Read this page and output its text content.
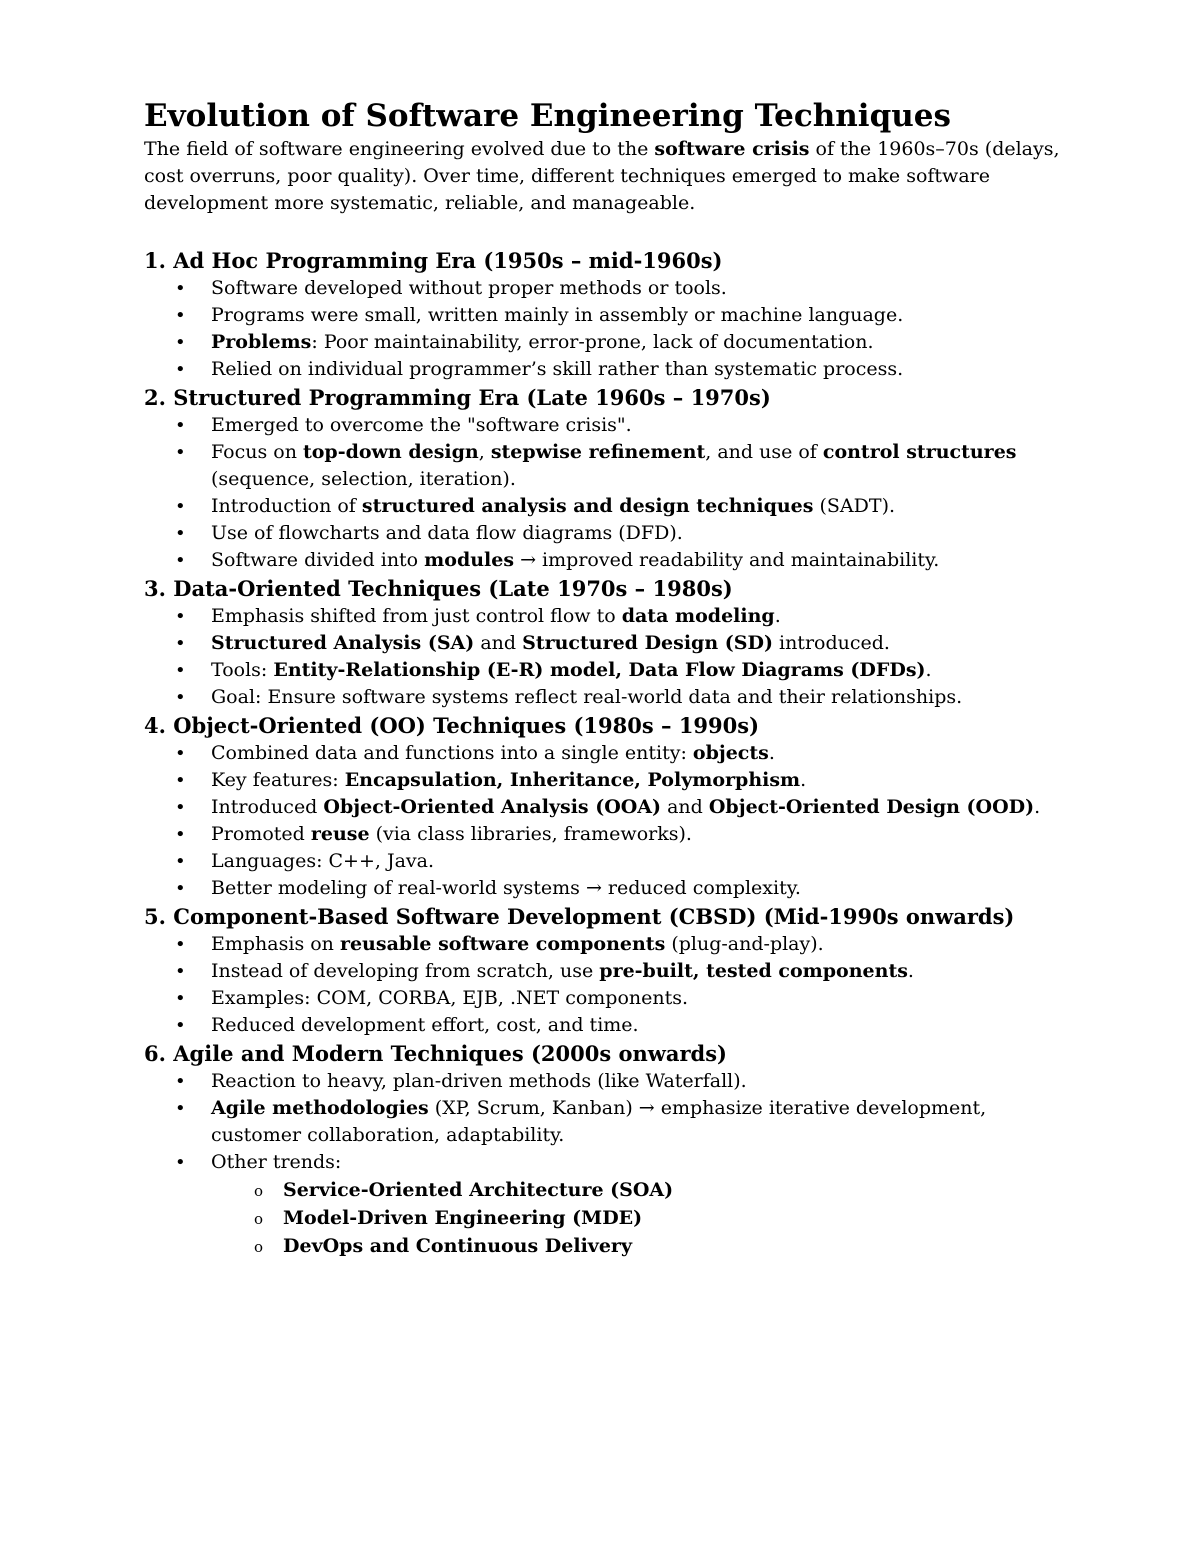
Evolution of Software Engineering Techniques

The field of software engineering evolved due to the software crisis of the 1960s–70s (delays,

cost overruns, poor quality). Over time, different techniques emerged to make software

development more systematic, reliable, and manageable.

1. Ad Hoc Programming Era (1950s – mid-1960s)
• Software developed without proper methods or tools.
• Programs were small, written mainly in assembly or machine language.
• Problems: Poor maintainability, error-prone, lack of documentation.
• Relied on individual programmer’s skill rather than systematic process.
2. Structured Programming Era (Late 1960s – 1970s)
• Emerged to overcome the "software crisis".
• Focus on top-down design, stepwise refinement, and use of control structures
(sequence, selection, iteration).
• Introduction of structured analysis and design techniques (SADT).
• Use of flowcharts and data flow diagrams (DFD).
• Software divided into modules → improved readability and maintainability.
3. Data-Oriented Techniques (Late 1970s – 1980s)
• Emphasis shifted from just control flow to data modeling.
• Structured Analysis (SA) and Structured Design (SD) introduced.
• Tools: Entity-Relationship (E-R) model, Data Flow Diagrams (DFDs).
• Goal: Ensure software systems reflect real-world data and their relationships.
4. Object-Oriented (OO) Techniques (1980s – 1990s)
• Combined data and functions into a single entity: objects.
• Key features: Encapsulation, Inheritance, Polymorphism.
• Introduced Object-Oriented Analysis (OOA) and Object-Oriented Design (OOD).
• Promoted reuse (via class libraries, frameworks).
• Languages: C++, Java.
• Better modeling of real-world systems → reduced complexity.
5. Component-Based Software Development (CBSD) (Mid-1990s onwards)
• Emphasis on reusable software components (plug-and-play).
• Instead of developing from scratch, use pre-built, tested components.
• Examples: COM, CORBA, EJB, .NET components.
• Reduced development effort, cost, and time.
6. Agile and Modern Techniques (2000s onwards)
• Reaction to heavy, plan-driven methods (like Waterfall).
• Agile methodologies (XP, Scrum, Kanban) → emphasize iterative development,
customer collaboration, adaptability.
• Other trends:
o Service-Oriented Architecture (SOA)
o Model-Driven Engineering (MDE)
o DevOps and Continuous Delivery
